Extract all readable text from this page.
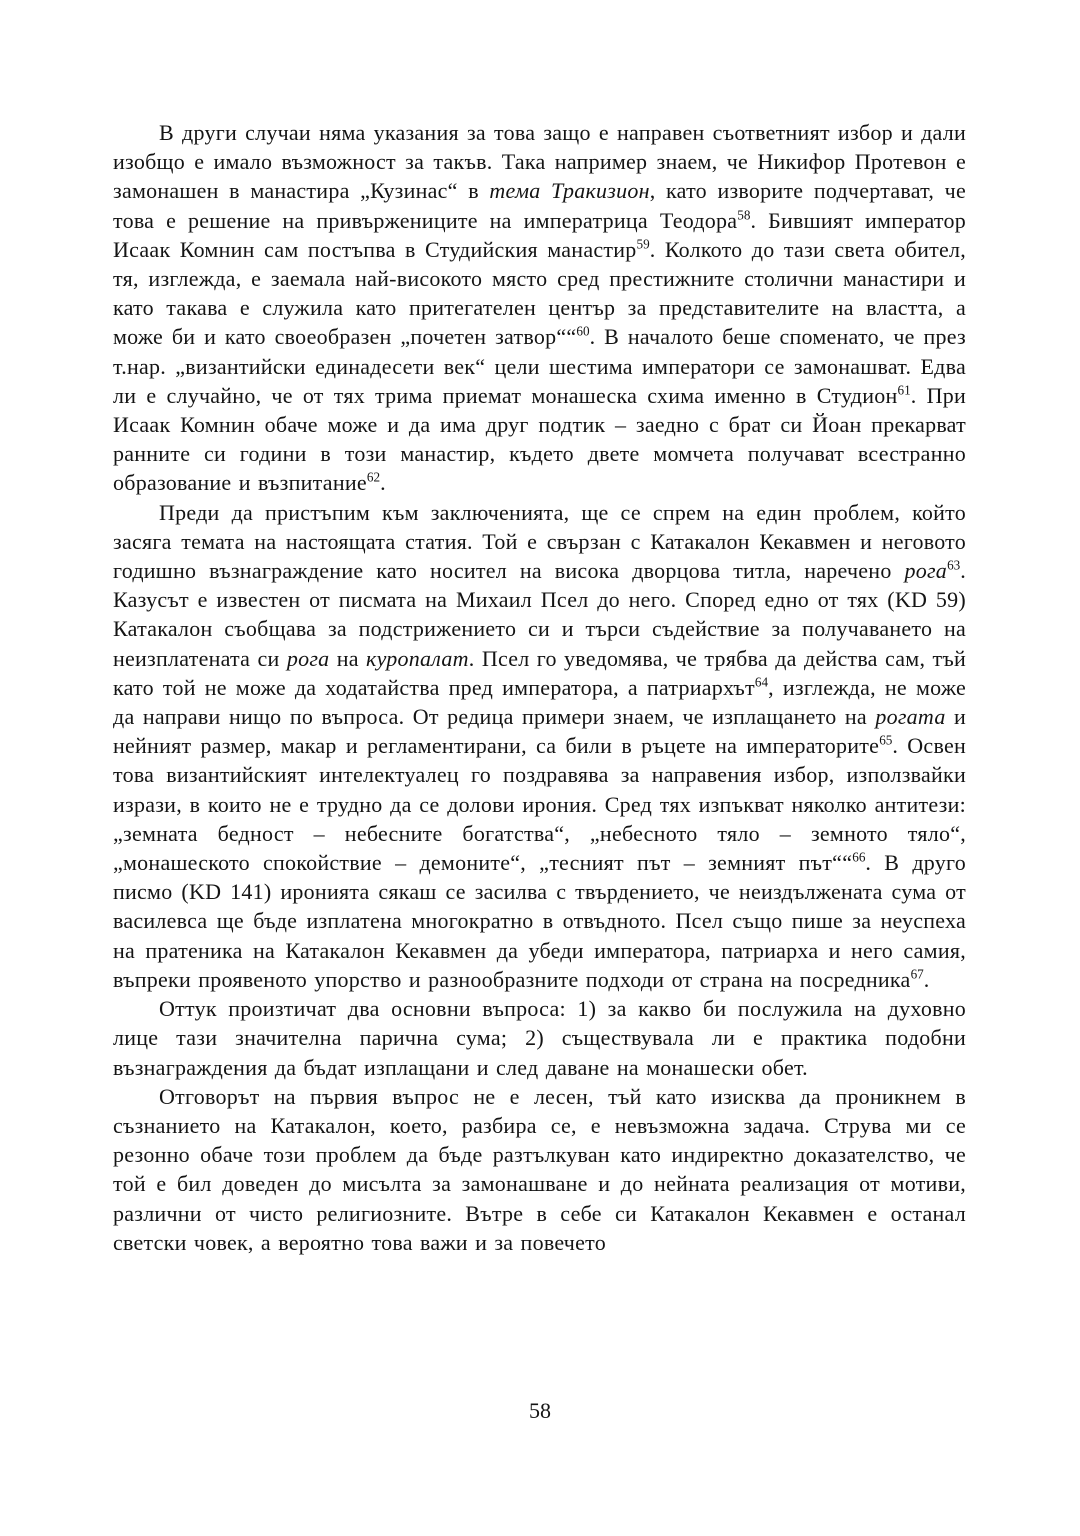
В други случаи няма указания за това защо е направен съответният избор и дали изобщо е имало възможност за такъв. Така например знаем, че Никифор Протевон е замонашен в манастира „Кузинас“ в тема Тракизион, като изворите подчертават, че това е решение на привържениците на императрица Теодора$^{58}$. Бившият император Исаак Комнин сам постъпва в Студийския манастир$^{59}$. Колкото до тази света обител, тя, изглежда, е заемала най-високото място сред престижните столични манастири и като такава е служила като притегателен център за представителите на властта, а може би и като своеобразен „почетен затвор““$^{60}$. В началото беше споменато, че през т.нар. „византийски единадесети век“ цели шестима императори се замонашват. Едва ли е случайно, че от тях трима приемат монашеска схима именно в Студион$^{61}$. При Исаак Комнин обаче може и да има друг подтик – заедно с брат си Йоан прекарват ранните си години в този манастир, където двете момчета получават всестранно образование и възпитание$^{62}$.

Преди да пристъпим към заключенията, ще се спрем на един проблем, който засяга темата на настоящата статия. Той е свързан с Катакалон Кекавмен и неговото годишно възнаграждение като носител на висока дворцова титла, наречено рога$^{63}$. Казусът е известен от писмата на Михаил Псел до него. Според едно от тях (KD 59) Катакалон съобщава за подстрижението си и търси съдействие за получаването на неизплатената си рога на куропалат. Псел го уведомява, че трябва да действа сам, тъй като той не може да ходатайства пред императора, а патриархът$^{64}$, изглежда, не може да направи нищо по въпроса. От редица примери знаем, че изплащането на рогата и нейният размер, макар и регламентирани, са били в ръцете на императорите$^{65}$. Освен това византийският интелектуалец го поздравява за направения избор, използвайки изрази, в които не е трудно да се долови ирония. Сред тях изпъкват няколко антитези: „земната бедност – небесните богатства“, „небесното тяло – земното тяло“, „монашеското спокойствие – демоните“, „тесният път – земният път““$^{66}$. В друго писмо (KD 141) иронията сякаш се засилва с твърдението, че неиздължената сума от василевса ще бъде изплатена многократно в отвъдното. Псел също пише за неуспеха на пратеника на Катакалон Кекавмен да убеди императора, патриарха и него самия, въпреки проявеното упорство и разнообразните подходи от страна на посредника$^{67}$.

Оттук произтичат два основни въпроса: 1) за какво би послужила на духовно лице тази значителна парична сума; 2) съществувала ли е практика подобни възнаграждения да бъдат изплащани и след даване на монашески обет.

Отговорът на първия въпрос не е лесен, тъй като изисква да проникнем в съзнанието на Катакалон, което, разбира се, е невъзможна задача. Струва ми се резонно обаче този проблем да бъде разтълкуван като индиректно доказателство, че той е бил доведен до мисълта за замонашване и до нейната реализация от мотиви, различни от чисто религиозните. Вътре в себе си Катакалон Кекавмен е останал светски човек, а вероятно това важи и за повечето

58
